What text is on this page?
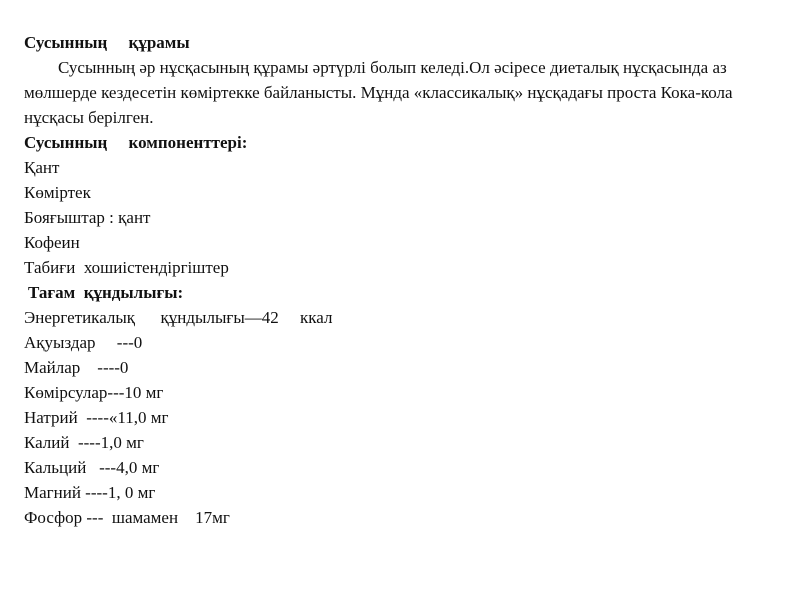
Сусынның     құрамы
Сусынның әр нұсқасының құрамы әртүрлі болып келеді.Ол әсіресе диеталық нұсқасында аз мөлшерде кездесетін көміртекке байланысты. Мұнда «классикалық» нұсқадағы проста Кока-кола нұсқасы берілген.
Сусынның     компоненттері:
Қант
Көміртек
Бояғыштар : қант
Кофеин
Табиғи  хошиістендіргіштер
Тағам  құндылығы:
Энергетикалық      құндылығы—42     ккал
Ақуыздар     ---0
Майлар    ----0
Көмірсулар---10 мг
Натрий  ----«11,0 мг
Калий  ----1,0 мг
Кальций   ---4,0 мг
Магний ----1, 0 мг
Фосфор ---  шамамен    17мг
